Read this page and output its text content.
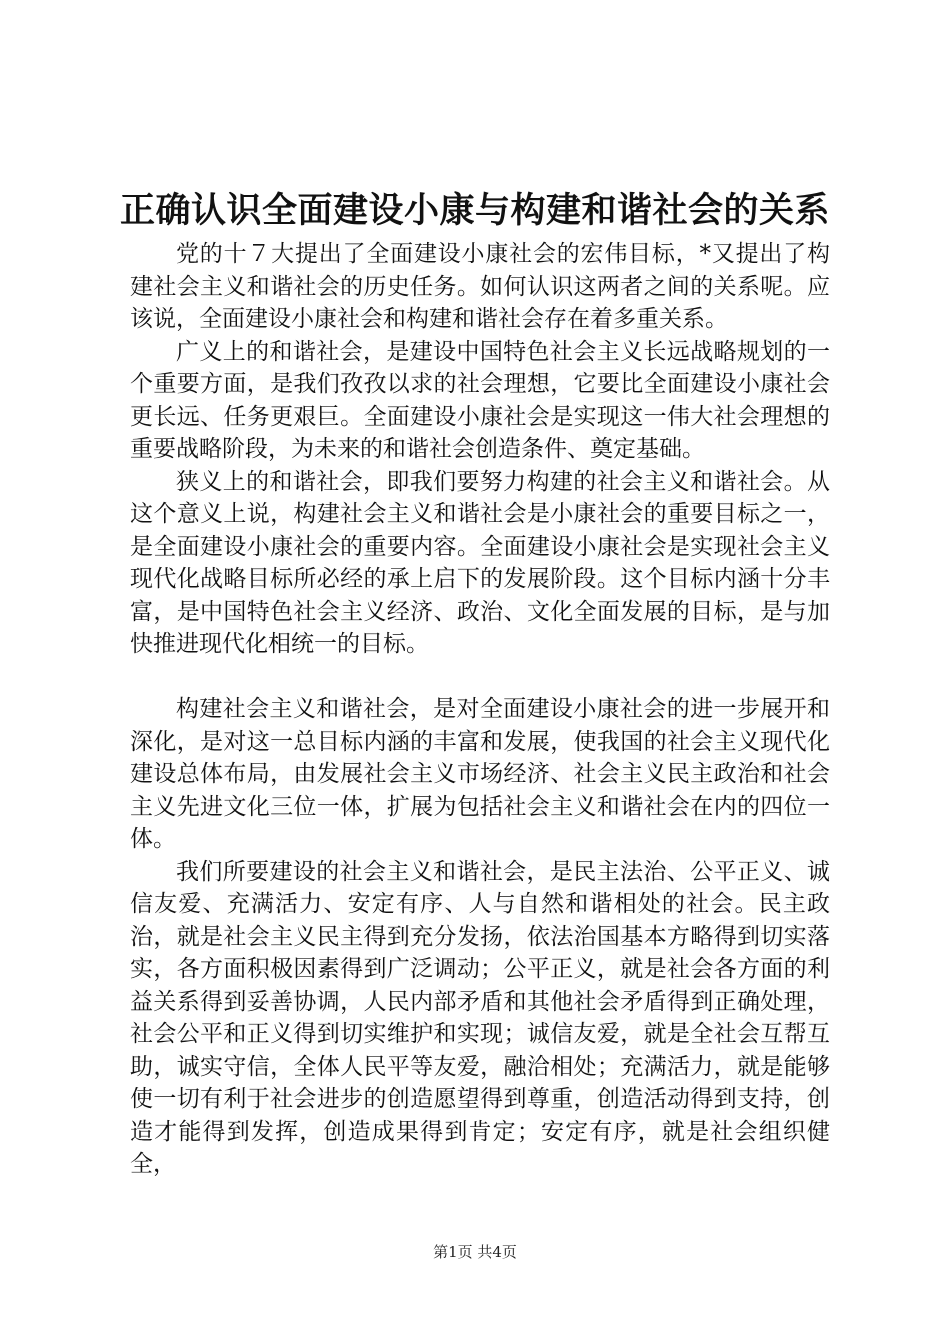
正确认识全面建设小康与构建和谐社会的关系

党的十７大提出了全面建设小康社会的宏伟目标，*又提出了构建社会主义和谐社会的历史任务。如何认识这两者之间的关系呢。应该说，全面建设小康社会和构建和谐社会存在着多重关系。

广义上的和谐社会，是建设中国特色社会主义长远战略规划的一个重要方面，是我们孜孜以求的社会理想，它要比全面建设小康社会更长远、任务更艰巨。全面建设小康社会是实现这一伟大社会理想的重要战略阶段，为未来的和谐社会创造条件、奠定基础。

狭义上的和谐社会，即我们要努力构建的社会主义和谐社会。从这个意义上说，构建社会主义和谐社会是小康社会的重要目标之一，是全面建设小康社会的重要内容。全面建设小康社会是实现社会主义现代化战略目标所必经的承上启下的发展阶段。这个目标内涵十分丰富，是中国特色社会主义经济、政治、文化全面发展的目标，是与加快推进现代化相统一的目标。

构建社会主义和谐社会，是对全面建设小康社会的进一步展开和深化，是对这一总目标内涵的丰富和发展，使我国的社会主义现代化建设总体布局，由发展社会主义市场经济、社会主义民主政治和社会主义先进文化三位一体，扩展为包括社会主义和谐社会在内的四位一体。

我们所要建设的社会主义和谐社会，是民主法治、公平正义、诚信友爱、充满活力、安定有序、人与自然和谐相处的社会。民主政治，就是社会主义民主得到充分发扬，依法治国基本方略得到切实落实，各方面积极因素得到广泛调动；公平正义，就是社会各方面的利益关系得到妥善协调，人民内部矛盾和其他社会矛盾得到正确处理，社会公平和正义得到切实维护和实现；诚信友爱，就是全社会互帮互助，诚实守信，全体人民平等友爱，融洽相处；充满活力，就是能够使一切有利于社会进步的创造愿望得到尊重，创造活动得到支持，创造才能得到发挥，创造成果得到肯定；安定有序，就是社会组织健全，

第1页 共4页
